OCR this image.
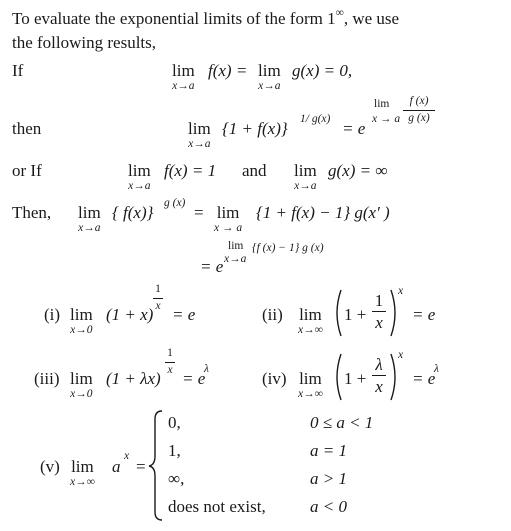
To evaluate the exponential limits of the form 1∞, we use
the following results,
If	lim
x→a
f(x) = lim
x→a
g(x) = 0,
then	lim
x→a
{1 + f(x)} 1/ g(x) = e
lim
x → a
f (x)
g (x)
or If	lim
x→a
f(x) = 1 and lim
x→a
g(x) = ∞
Then, lim
x→a
{ f(x)} g (x) = lim
x → a
{1 + f(x) − 1} g(x′ )
= e
lim
x→a
{f (x) − 1} g (x)
(i) lim
x→0
(1 + x)
1
x = e	(ii) lim
x→∞
1 +
1
x
x
= e
(iii) lim
x→0
(1 + λx)
1
x = e
λ	(iv) lim
x→∞
1 +
λ
x
x
= e
λ
(v) lim
x→∞
a
x
=
0,	0 ≤ a < 1
1,	a = 1
∞,	a > 1
does not exist,	a < 0
